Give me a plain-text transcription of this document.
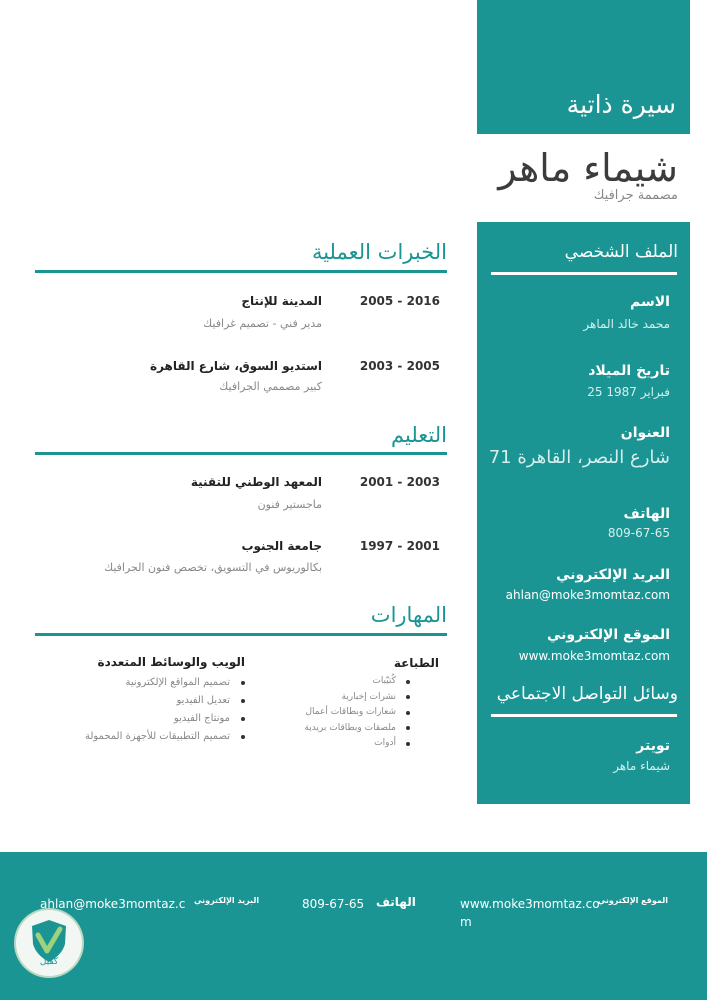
سيرة ذاتية
شيماء ماهر
مصممة جرافيك
الملف الشخصي
الاسم
محمد خالد الماهر
تاريخ الميلاد
25 فبراير 1987
العنوان
71 شارع النصر، القاهرة
الهاتف
809-67-65
البريد الإلكتروني
ahlan@moke3momtaz.com
الموقع الإلكتروني
www.moke3momtaz.com
وسائل التواصل الاجتماعي
تويتر
شيماء ماهر
الخبرات العملية
2005 - 2016
المدينة للإنتاج
مدير فني - تصميم غرافيك
2003 - 2005
استديو السوق، شارع القاهرة
كبير مصممي الجرافيك
التعليم
2001 - 2003
المعهد الوطني للتقنية
ماجستير فنون
1997 - 2001
جامعة الجنوب
بكالوريوس في التسويق، تخصص فنون الجرافيك
المهارات
الطباعة
كُتيّبات
نشرات إخبارية
شعارات وبطاقات أعمال
ملصقات وبطاقات بريدية
أدوات
الويب والوسائط المتعددة
تصميم المواقع الإلكترونية
تعديل الفيديو
مونتاج الفيديو
تصميم التطبيقات للأجهزة المحمولة
الموقع الإلكتروني
www.moke3momtaz.com
الهاتف
809-67-65
البريد الإلكتروني
ahlan@moke3momtaz.c
كفيل
